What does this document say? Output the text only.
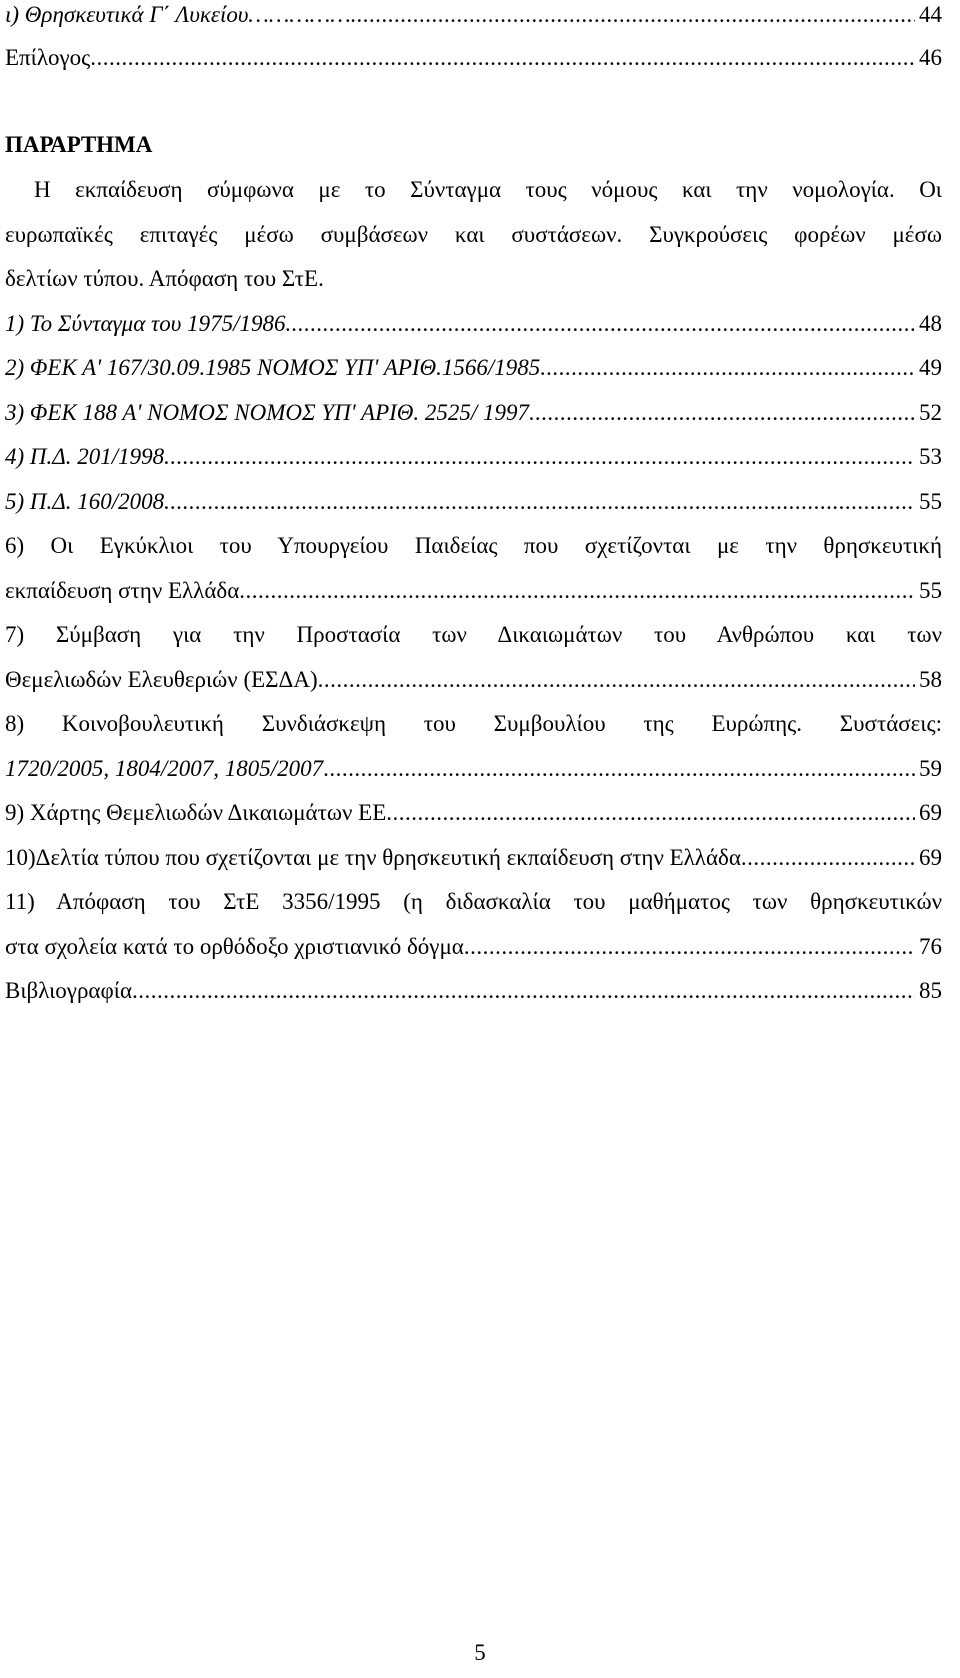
ι) Θρησκευτικά Γ΄ Λυκείου…………… .....	44
Επίλογος .....	46
ΠΑΡΑΡΤΗΜΑ
Η εκπαίδευση σύμφωνα με το Σύνταγμα τους νόμους και την νομολογία. Οι
ευρωπαϊκές επιταγές μέσω συμβάσεων και συστάσεων. Συγκρούσεις φορέων μέσω
δελτίων τύπου. Απόφαση του ΣτΕ.
1) Το Σύνταγμα του 1975/1986 .....	48
2) ΦΕΚ Α' 167/30.09.1985 ΝΟΜΟΣ ΥΠ' ΑΡΙΘ.1566/1985 .....	49
3) ΦΕΚ 188 Α' ΝΟΜΟΣ ΝΟΜΟΣ ΥΠ' ΑΡΙΘ. 2525/ 1997 .....	52
4) Π.Δ. 201/1998 .....	53
5) Π.Δ. 160/2008 .....	55
6) Οι Εγκύκλιοι του Υπουργείου Παιδείας που σχετίζονται με την θρησκευτική
εκπαίδευση στην Ελλάδα .....	55
7) Σύμβαση για την Προστασία των Δικαιωμάτων του Ανθρώπου και των
Θεμελιωδών Ελευθεριών (ΕΣΔΑ) .....	58
8) Κοινοβουλευτική Συνδιάσκεψη του Συμβουλίου της Ευρώπης. Συστάσεις:
1720/2005, 1804/2007, 1805/2007 .....	59
9) Χάρτης Θεμελιωδών Δικαιωμάτων ΕΕ .....	69
10)Δελτία τύπου που σχετίζονται με την θρησκευτική εκπαίδευση στην Ελλάδα .....	69
11) Απόφαση του ΣτΕ 3356/1995 (η διδασκαλία του μαθήματος των θρησκευτικών
στα σχολεία κατά το ορθόδοξο χριστιανικό δόγμα .....	76
Βιβλιογραφία .....	85
5
